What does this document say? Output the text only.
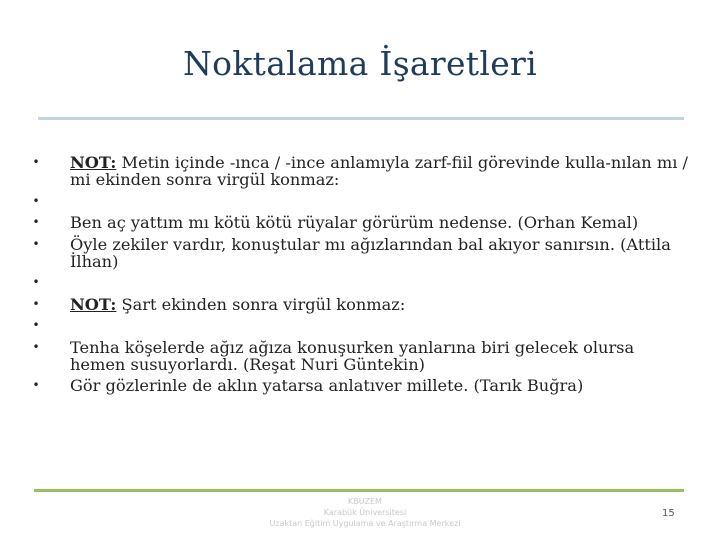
Noktalama İşaretleri
• NOT: Metin içinde -ınca / -ince anlamıyla zarf-fiil görevinde kulla-nılan mı / mi ekinden sonra virgül konmaz:
•
• Ben aç yattım mı kötü kötü rüyalar görürüm nedense. (Orhan Kemal)
• Öyle zekiler vardır, konuştular mı ağızlarından bal akıyor sanırsın. (Attila İlhan)
•
• NOT: Şart ekinden sonra virgül konmaz:
•
• Tenha köşelerde ağız ağıza konuşurken yanlarına biri gelecek olursa hemen susuyorlardı. (Reşat Nuri Güntekin)
• Gör gözlerinle de aklın yatarsa anlatıver millete. (Tarık Buğra)
KBUZEM
Karabük Üniversitesi
Uzaktan Eğitim Uygulama ve Araştırma Merkezi
15
